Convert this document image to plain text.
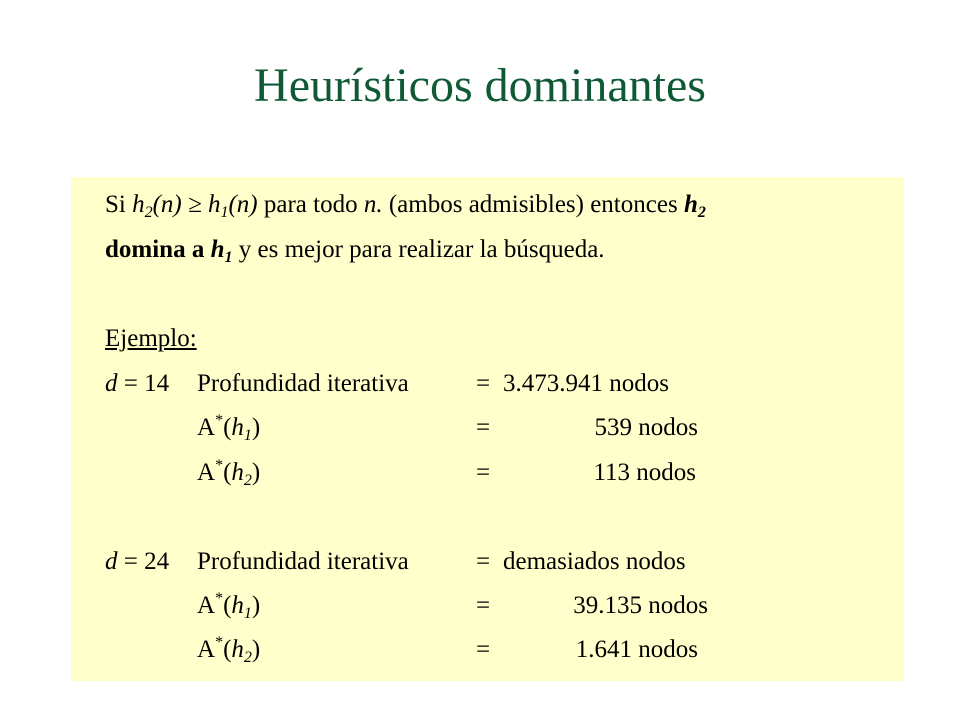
Heurísticos dominantes
Si $h_2(n) \ge h_1(n)$ para todo n. (ambos admisibles) entonces $h_2$
domina a $h_1$ y es mejor para realizar la búsqueda.
Ejemplo:
d = 14 Profundidad iterativa	= 3.473.941 nodos
$A^*(h_1)$	=	539 nodos
$A^*(h_2)$	=	113 nodos
d = 24 Profundidad iterativa	= demasiados nodos
$A^*(h_1)$	=	39.135 nodos
$A^*(h_2)$	=	1.641 nodos
